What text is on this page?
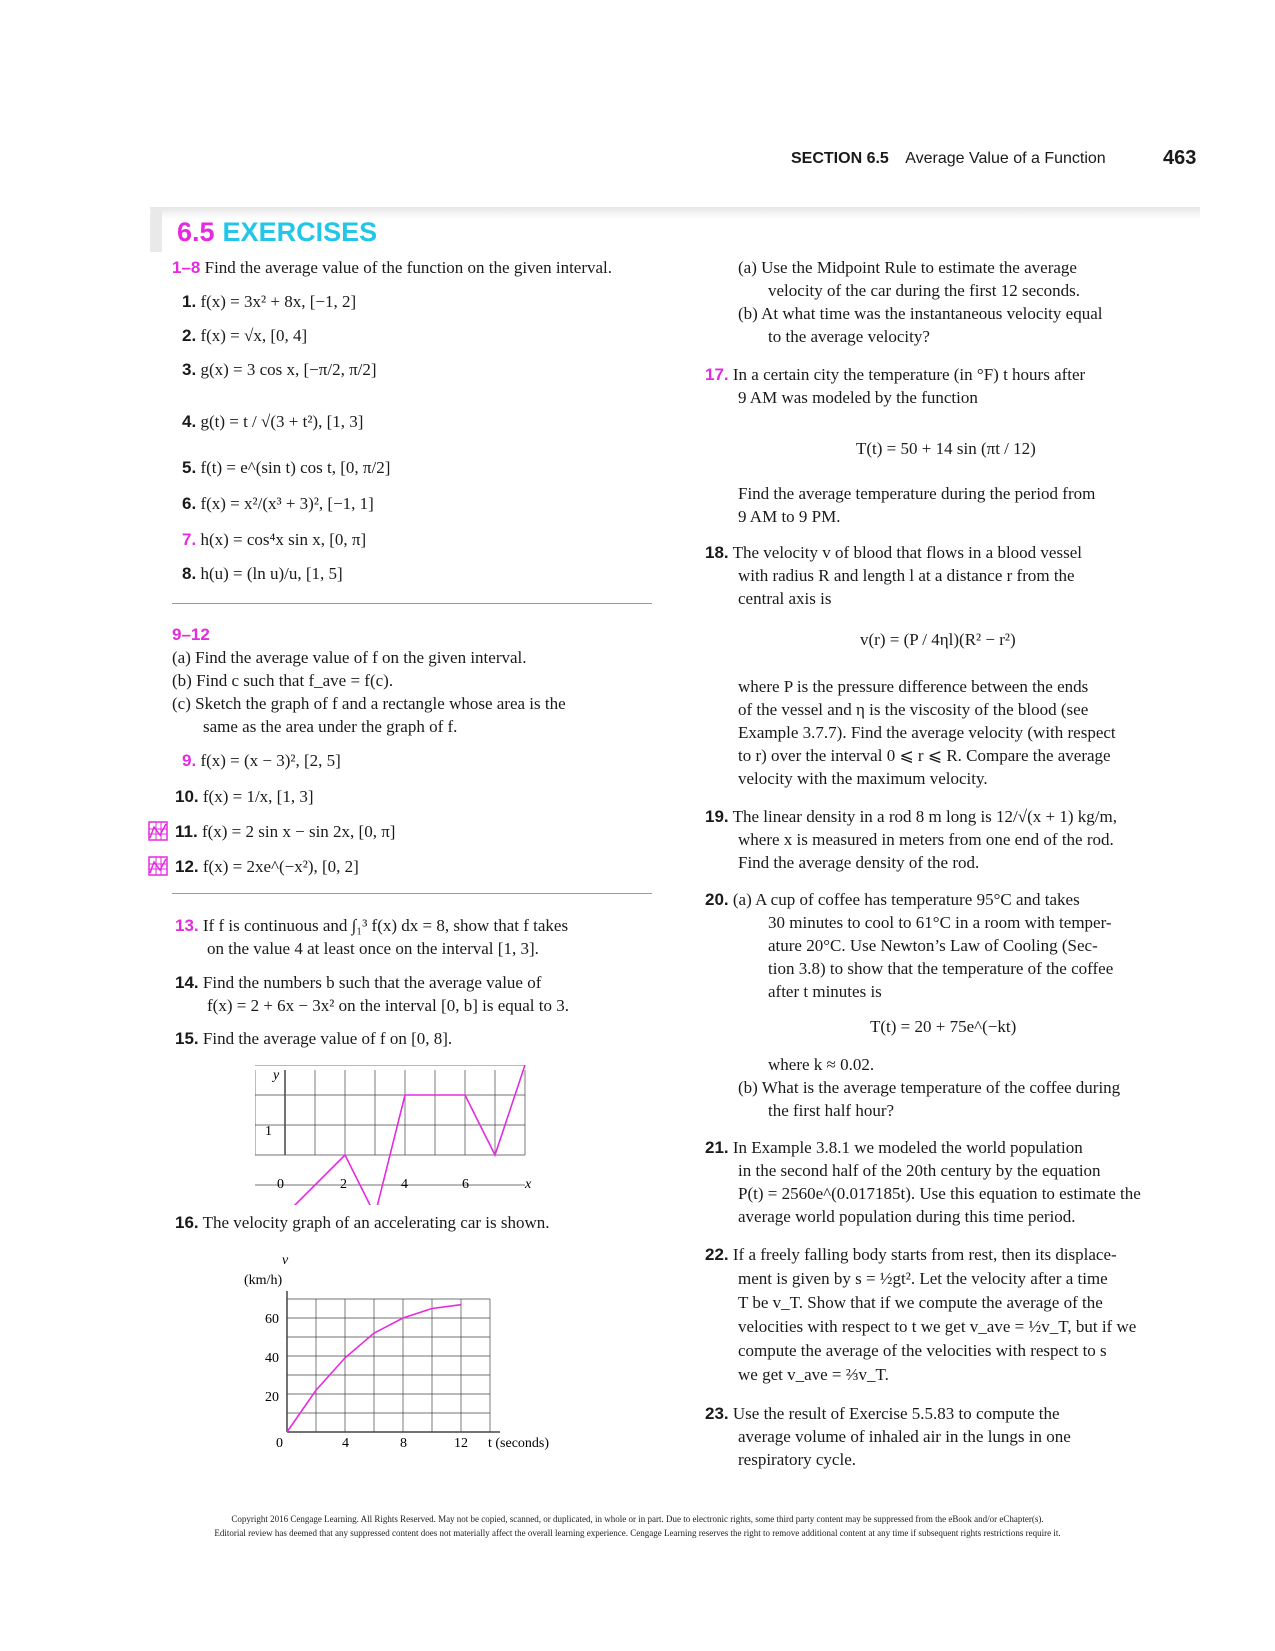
SECTION 6.5 Average Value of a Function	463
6.5 EXERCISES
1–8 Find the average value of the function on the given interval.
1. f(x) = 3x² + 8x, [−1, 2]
2. f(x) = √x, [0, 4]
3. g(x) = 3 cos x, [−π/2, π/2]
4. g(t) = t / √(3 + t²), [1, 3]
5. f(t) = e^(sin t) cos t, [0, π/2]
6. f(x) = x²/(x³ + 3)², [−1, 1]
7. h(x) = cos⁴x sin x, [0, π]
8. h(u) = (ln u)/u, [1, 5]
9–12
(a) Find the average value of f on the given interval.
(b) Find c such that f_ave = f(c).
(c) Sketch the graph of f and a rectangle whose area is the
same as the area under the graph of f.
9. f(x) = (x − 3)², [2, 5]
10. f(x) = 1/x, [1, 3]
11. f(x) = 2 sin x − sin 2x, [0, π]
12. f(x) = 2xe^(−x²), [0, 2]
13. If f is continuous and ∫₁³ f(x) dx = 8, show that f takes
on the value 4 at least once on the interval [1, 3].
14. Find the numbers b such that the average value of
f(x) = 2 + 6x − 3x² on the interval [0, b] is equal to 3.
15. Find the average value of f on [0, 8].
y
x
1
0	2	4	6
16. The velocity graph of an accelerating car is shown.
v
(km/h)
60
40
20
0	4	8	12 t (seconds)
(a) Use the Midpoint Rule to estimate the average
velocity of the car during the first 12 seconds.
(b) At what time was the instantaneous velocity equal
to the average velocity?
17. In a certain city the temperature (in °F) t hours after
9 AM was modeled by the function
T(t) = 50 + 14 sin (πt / 12)
Find the average temperature during the period from
9 AM to 9 PM.
18. The velocity v of blood that flows in a blood vessel
with radius R and length l at a distance r from the
central axis is
v(r) = (P / 4ηl)(R² − r²)
where P is the pressure difference between the ends
of the vessel and η is the viscosity of the blood (see
Example 3.7.7). Find the average velocity (with respect
to r) over the interval 0 ⩽ r ⩽ R. Compare the average
velocity with the maximum velocity.
19. The linear density in a rod 8 m long is 12/√(x + 1) kg/m,
where x is measured in meters from one end of the rod.
Find the average density of the rod.
20. (a) A cup of coffee has temperature 95°C and takes
30 minutes to cool to 61°C in a room with temper-
ature 20°C. Use Newton’s Law of Cooling (Sec-
tion 3.8) to show that the temperature of the coffee
after t minutes is
T(t) = 20 + 75e^(−kt)
where k ≈ 0.02.
(b) What is the average temperature of the coffee during
the first half hour?
21. In Example 3.8.1 we modeled the world population
in the second half of the 20th century by the equation
P(t) = 2560e^(0.017185t). Use this equation to estimate the
average world population during this time period.
22. If a freely falling body starts from rest, then its displace-
ment is given by s = ½gt². Let the velocity after a time
T be v_T. Show that if we compute the average of the
velocities with respect to t we get v_ave = ½v_T, but if we
compute the average of the velocities with respect to s
we get v_ave = ⅔v_T.
23. Use the result of Exercise 5.5.83 to compute the
average volume of inhaled air in the lungs in one
respiratory cycle.
Copyright 2016 Cengage Learning. All Rights Reserved. May not be copied, scanned, or duplicated, in whole or in part. Due to electronic rights, some third party content may be suppressed from the eBook and/or eChapter(s).
Editorial review has deemed that any suppressed content does not materially affect the overall learning experience. Cengage Learning reserves the right to remove additional content at any time if subsequent rights restrictions require it.
